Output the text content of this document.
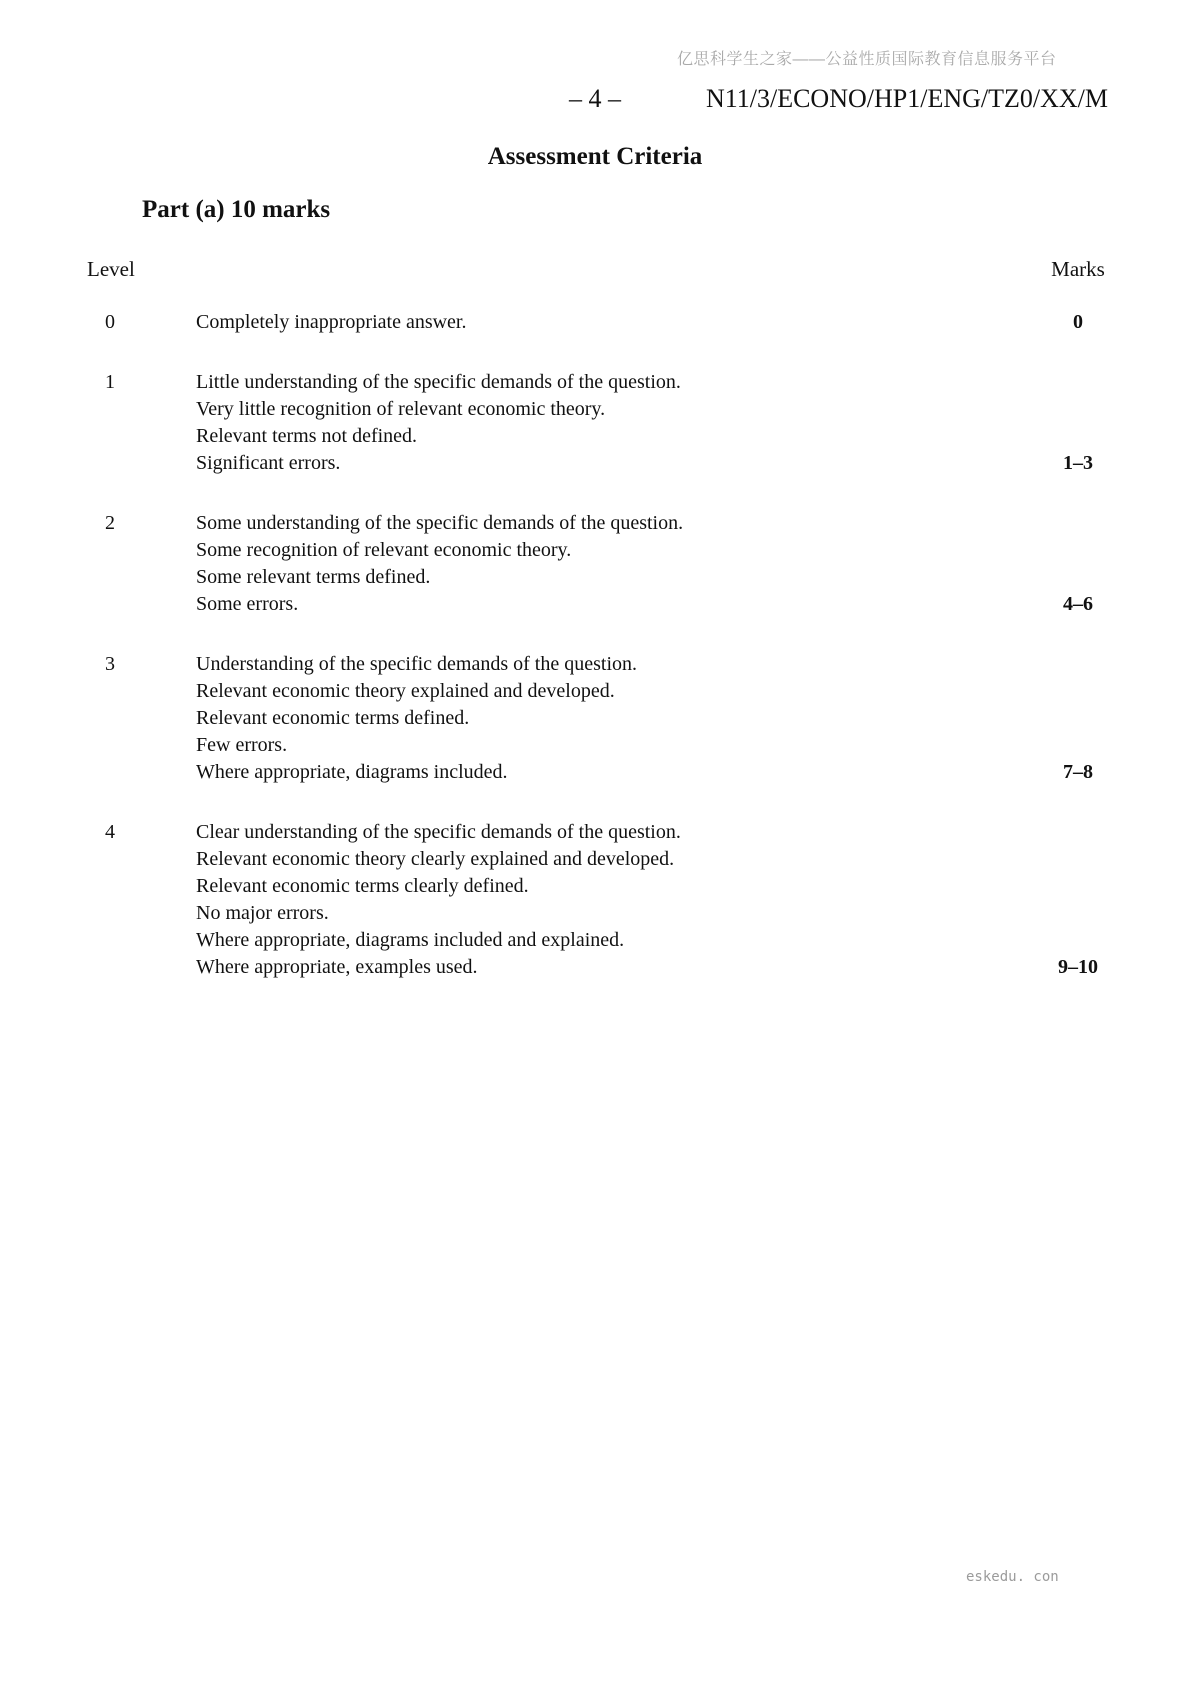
亿思科学生之家——公益性质国际教育信息服务平台
– 4 –	N11/3/ECONO/HP1/ENG/TZ0/XX/M
Assessment Criteria
Part (a) 10 marks
Level	Marks
0	Completely inappropriate answer.	0
1	Little understanding of the specific demands of the question.
Very little recognition of relevant economic theory.
Relevant terms not defined.
Significant errors.	1–3
2	Some understanding of the specific demands of the question.
Some recognition of relevant economic theory.
Some relevant terms defined.
Some errors.	4–6
3	Understanding of the specific demands of the question.
Relevant economic theory explained and developed.
Relevant economic terms defined.
Few errors.
Where appropriate, diagrams included.	7–8
4	Clear understanding of the specific demands of the question.
Relevant economic theory clearly explained and developed.
Relevant economic terms clearly defined.
No major errors.
Where appropriate, diagrams included and explained.
Where appropriate, examples used.	9–10
eskedu. con
